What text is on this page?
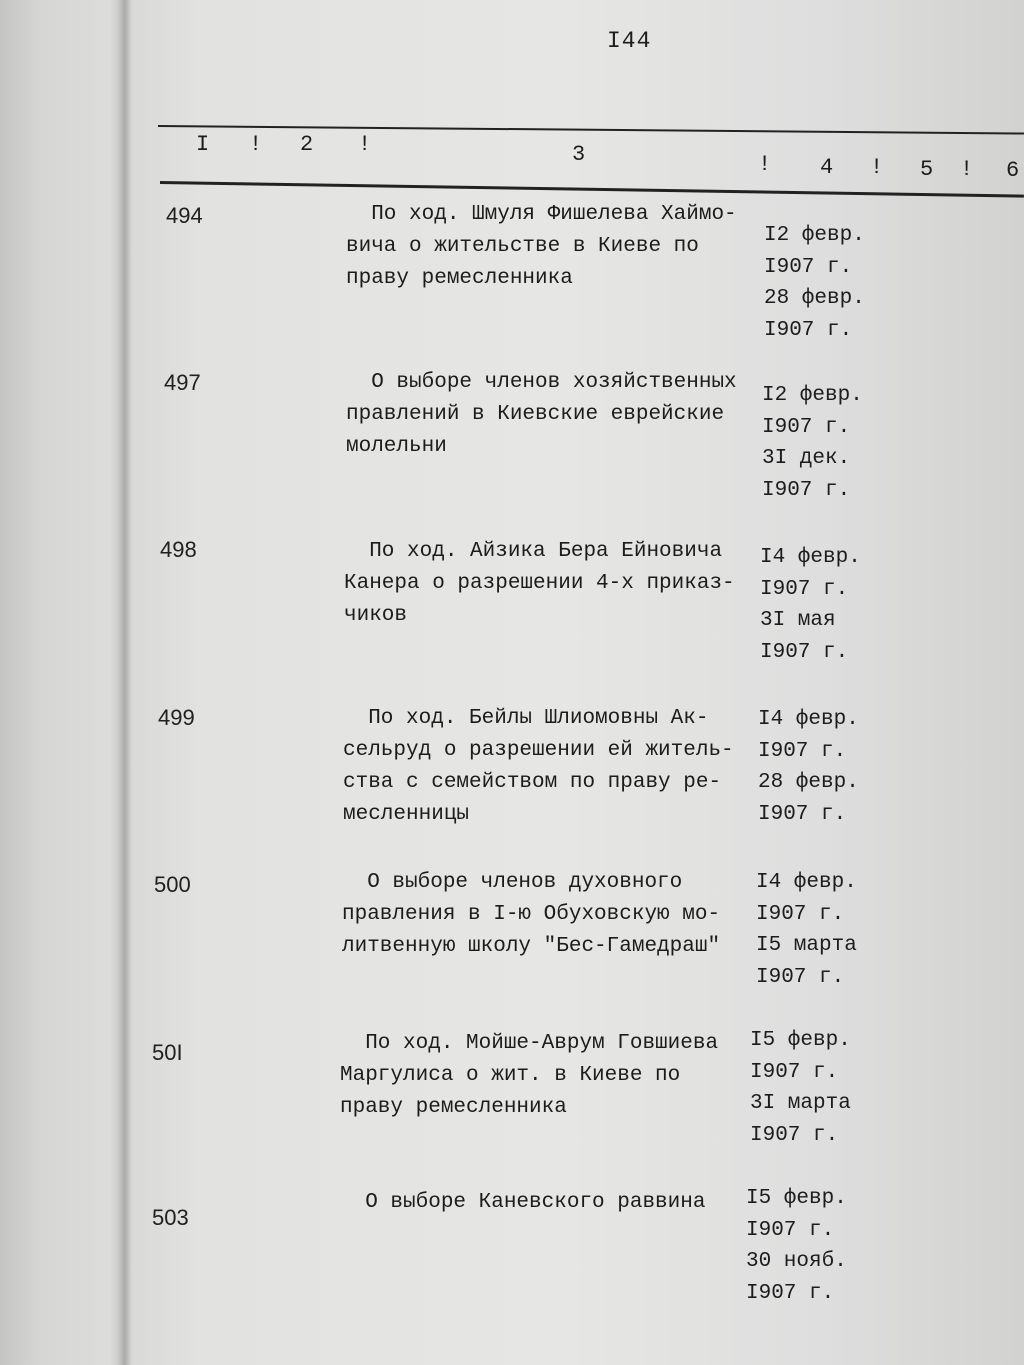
I44
I ! 2 !	3	! 4 ! 5 ! 6
494	По ход. Шмуля Фишелева Хаймо-
вича о жительстве в Киеве по
праву ремесленника
I2 февр.
I907 г.
28 февр.
I907 г.
497	О выборе членов хозяйственных
правлений в Киевские еврейские
молельни
I2 февр.
I907 г.
3I дек.
I907 г.
498	По ход. Айзика Бера Ейновича
Канера о разрешении 4-х приказ-
чиков
I4 февр.
I907 г.
3I мая
I907 г.
499	По ход. Бейлы Шлиомовны Ак-
сельруд о разрешении ей житель-
ства с семейством по праву ре-
месленницы
I4 февр.
I907 г.
28 февр.
I907 г.
500	О выборе членов духовного
правления в I-ю Обуховскую мо-
литвенную школу "Бес-Гамедраш"
I4 февр.
I907 г.
I5 марта
I907 г.
50I	По ход. Мойше-Аврум Говшиева
Маргулиса о жит. в Киеве по
праву ремесленника
I5 февр.
I907 г.
3I марта
I907 г.
503
О выборе Каневского раввина	I5 февр.
I907 г.
30 нояб.
I907 г.
